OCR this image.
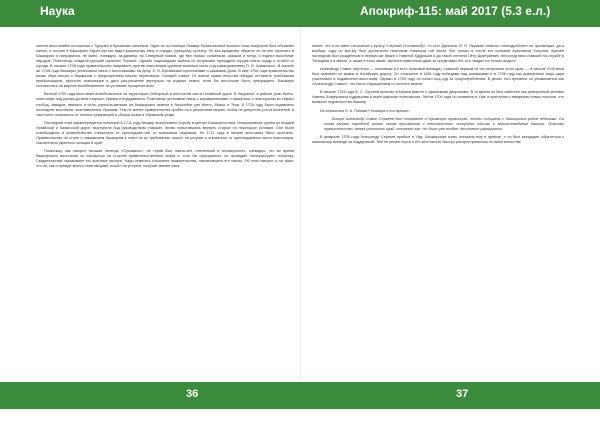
Наука	Апокриф-115: май 2017 (5.3 е.л.)

занное восстанием отношения с Турцией и Крымским ханством. Один из по-сланцов башкир Юрматынской волости Азак Аккусуков был объявлен ханом, а послан в Башкирию Мурат-султан вздел крымскому хану и отряды турецкому султану. По воз-вращении обратно он не мог проехать в Башкирию и направился, не имея, очевидно, за-данием, на Северный Кавказ, где вел поиски союзников, казаков и татар, и поднял восстание народов. Повстанцы осадили русский гарнизон Терской. Однако подошедшие войска из Астрахани принудили горцев снять осаду и отойти от города. В начале 1708 года правительство направило против повстанцев крупные военные силы под командованием П. И. Хованского. В апреле же 1708 года башкиры установили связь с восставшими на Дону. К. Я. Булавиным крестьянами и казаками Дона. В мае 1708 года правительство вновь обра-тилось к башкирам с предложением начать переговоры. Ханской отверг. От имени прави-тельства обещал отставить требования прибыльщиков, простить повстанцев и дать раз-решение вернуться на родные земли, если бы восстание было прекращено. Башкиры согласились на мирное возобновление на условиях прощения всех.

Весной 1709 года восстание возобновилось на территории Сибирской и восточной части Ногайской дорог. В Зауралье, в районе реки Исеть, повстанцы под руково-дством старшин Уразая и Кодадавлета. Повстанцы устанавли связь с караваловскими и связались с некоторыми из старых слобод, заводов, явились и сёла, распола-женные на башкирских землях в басссейне рек Исеть, Миасс и Теча. В 1710 году было подавлено последнее восстание, возглавленное Уразаем. Тем не менее правительство прибег-ло к различным мерам, чтобы не допустить роста волнений, в частности отказалось от полных реквизиций и сборов ясака в Уфимском уезде.

Последний этап характеризуется попыткой в 1711 году башкир возобновить борьбу в центре Башкортостана. Инициативная группа из вождей Ногайской и Казан-ской дорог, выступила под руководством старшин, вновь попытавшись вернуть старые на некоторые условия. Они были освобождены и правительство отказалось от преследова-ний, от взыскания недоимок. Но 1711 года в начале восстания было окончено. Правительство не стало с наказанием башкирам в ответ на их требования, пошло на уступки и отказалось от преследования части повстанцев, значительно укрепило позиции в крае.

Поскольку, как говорит ханская легенда «Сухаманы», не теряя был назна-чен, пленённый в непокорность, очевидно, что во время башкирского восстания он находился на стороне правительственных войск и, хоть бы официально, но проводил «антирусскую» политику. Свидетельства показывают его военные заслуги. Надо отметить сношения правительства, назначившего его ханом. Об этом говорит и тот факт, что он, как и прежде воюя с повстанцами, пошёл на уступки, получив звание хана.

нение, что и он имел отношение к культу «Черный (Хохлаткой)», то есть Данияла. Й. Я. Якушкин немного «неподробнее» не просвещал, да и вообще, судя по все-му, был достаточно типичным ловкачом той эпохи. Вот только в числе его сыновей Арисланов Хохолов, причём последний был рождённым в первом же браке с Никитой Кудряшов и до такой степени Пётр Дмитриевич, впоследствии ставший на службе в Татищева и в имени, а также в этом связи, являлся известным даже за пределами тех, кто «видал не только видал».

Александр Сомин Чертенко — полковник (то есть полковой воевода), ставший первым из тех генералов этого края, — в начале XVIII века был назначен из армии в Ногайскую дорогу. Он отличился в 1681 году победами над калмыками и в 1708 году как доверенное лицо царя участвовал в подавлении восстания. Однако в 1709 году он попал под суд за злоупотребления. В делах того времени он упоминается как «Александр Сомин», что было сокращением от полного имени.

В начале 1704 года А. С. Сергеев проехал в Казани вместе с уфимскими дворянами. В то время он был известен как доверенный человек Никиты Алфёровича Кудряшова и имел широкие полномочия. Летом 1704 года он появился в Уфе и приступил к введению новых налогов, что вызвало недовольство башкир.

Из сочинения Н. А. Попова «Татищев и его время»:

Вскоре Александр Сомин Сергеев был отправлен в Уфимскую провинцию, чтобы собирать с башкирских родов недоимки. Он снова вызвал народный ропот своим произволом и жестокостью, оскорбляя обычаи и вероисповедание башкир. Поэтому правительство, желая успокоить край, отозвало его. Но было уже поздно: восстание разгоралось.

В феврале 1705 года Александр Сергеев прибыл в Уфу. Башкирская знать отказала ему в приёме, и он был вынужден обратиться к казанскому воеводе за поддержкой. Тем не менее слухи о его жестокости быстро распространились по всем волостям.

36	37
